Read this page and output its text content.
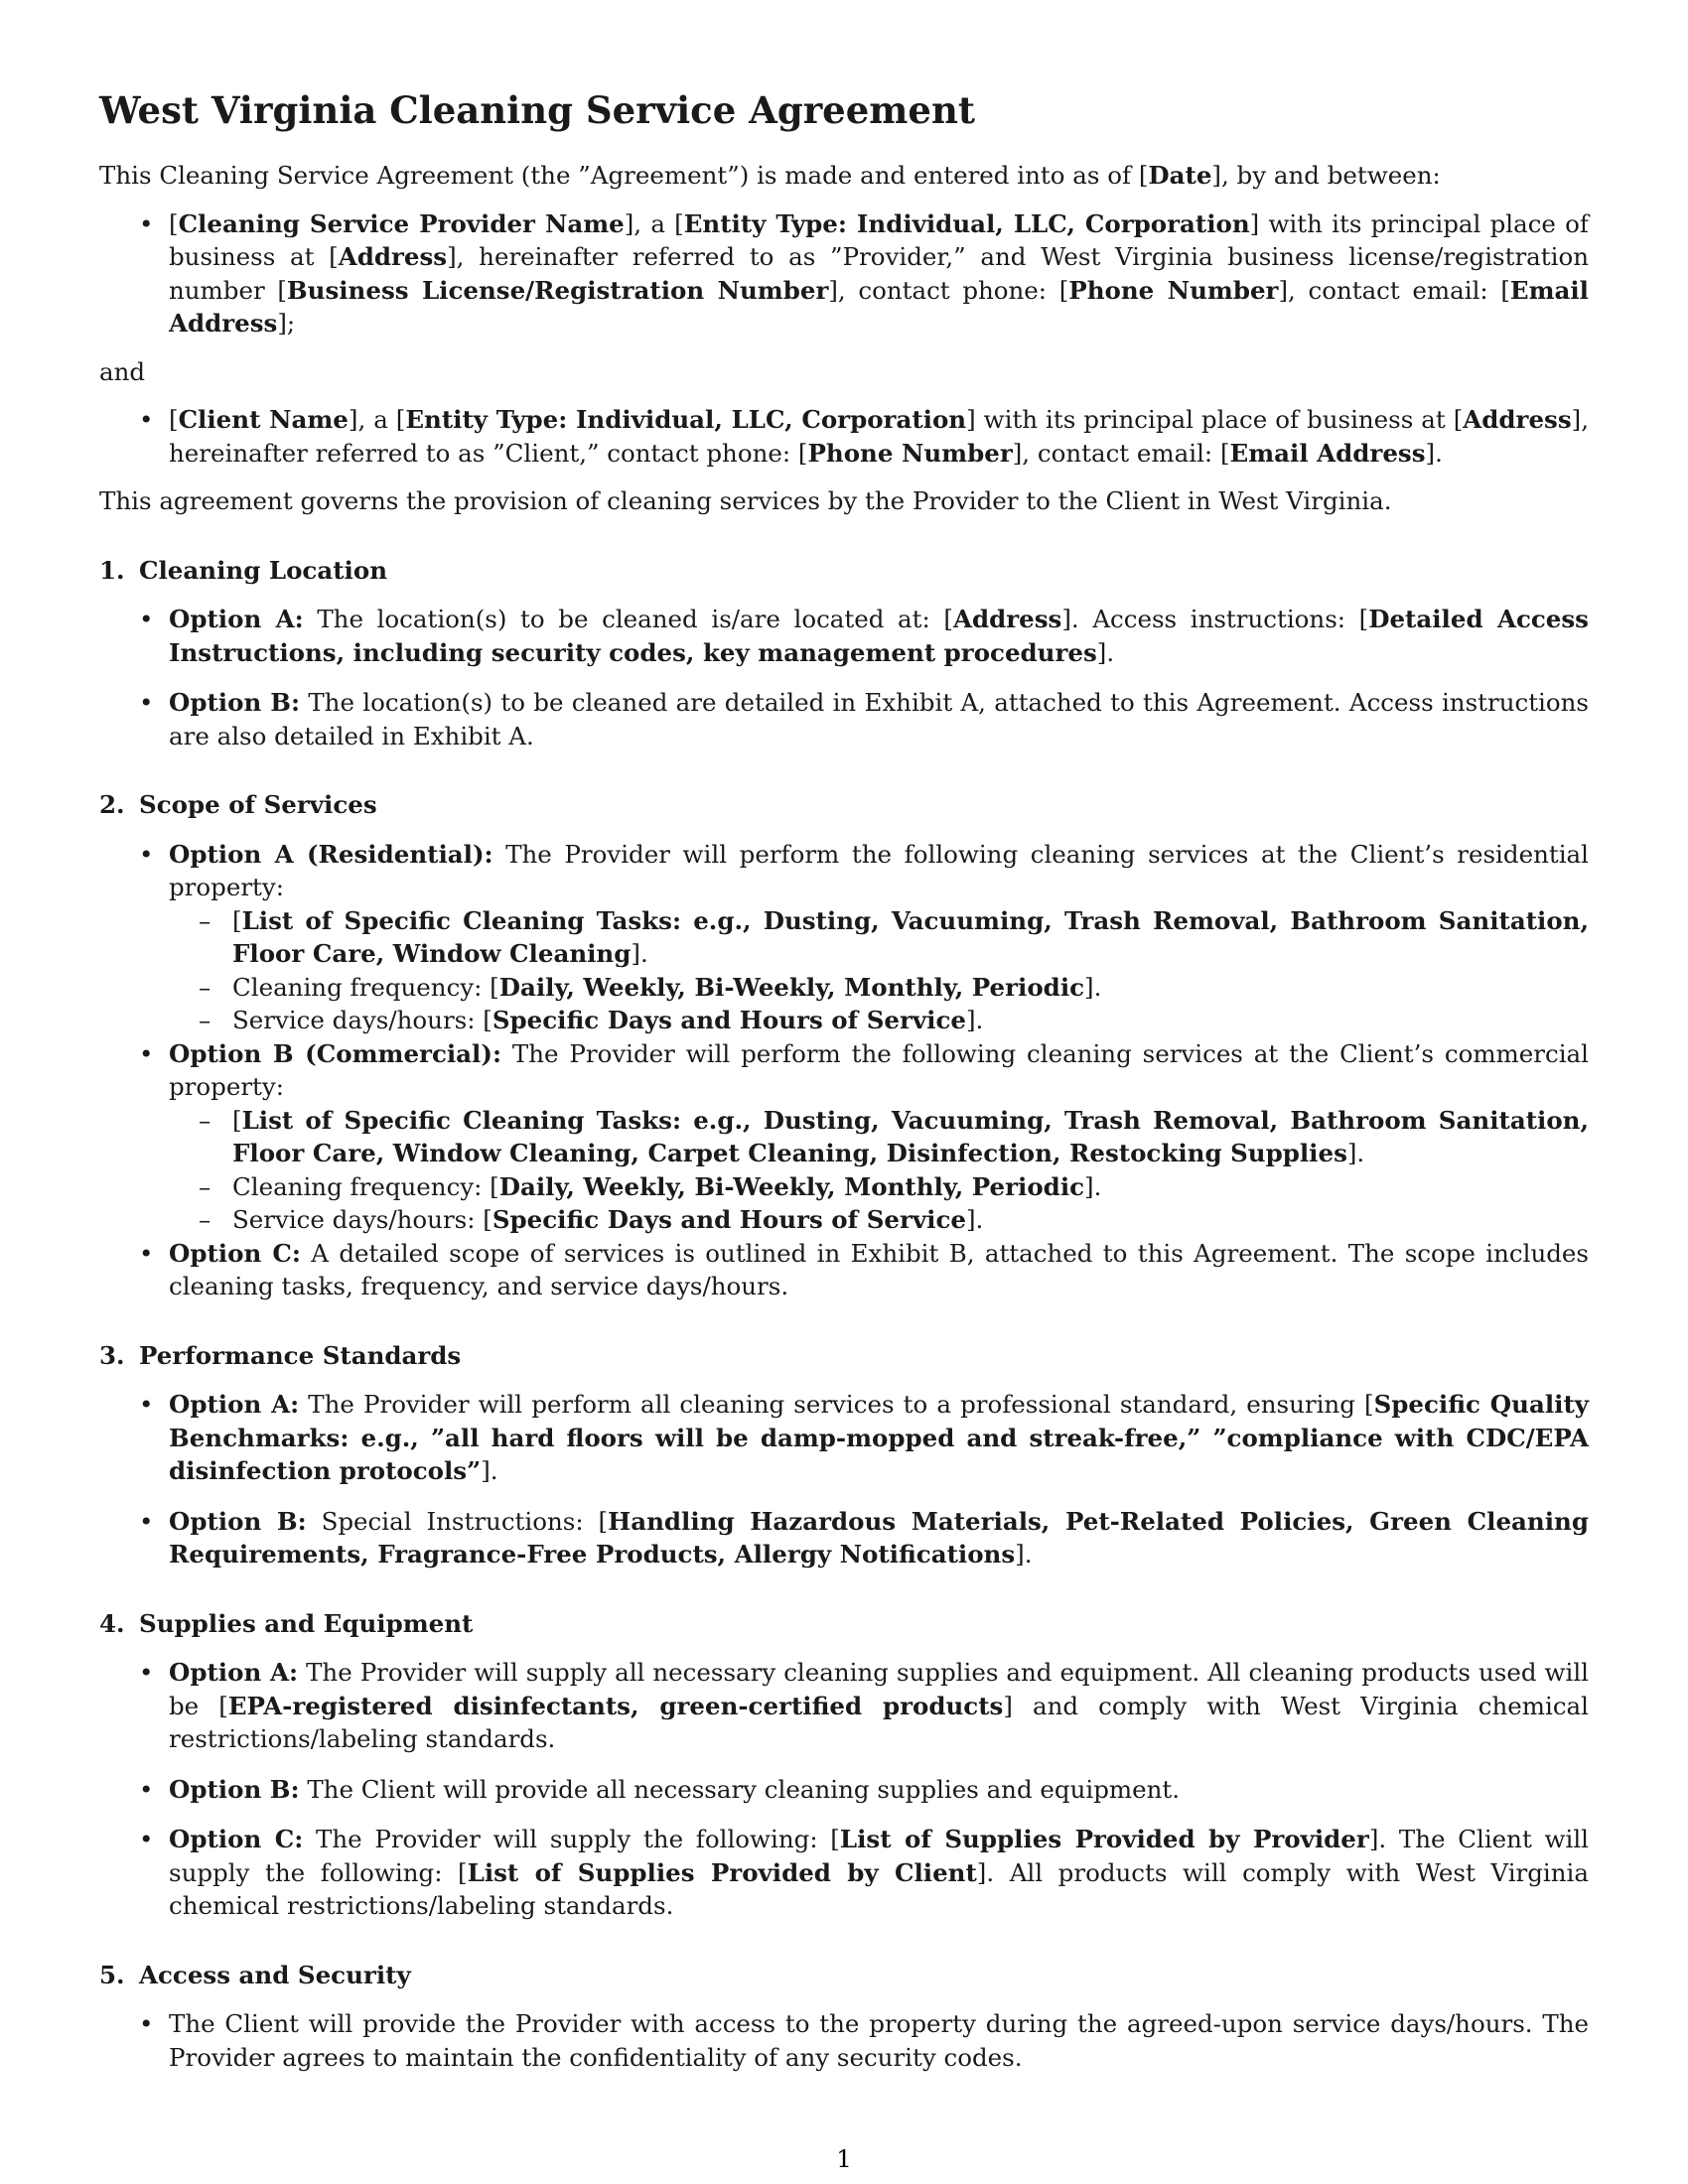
West Virginia Cleaning Service Agreement

This Cleaning Service Agreement (the ”Agreement”) is made and entered into as of [Date], by and between:

• [Cleaning Service Provider Name], a [Entity Type: Individual, LLC, Corporation] with its principal place of business at [Address], hereinafter referred to as ”Provider,” and West Virginia business license/registration number [Business License/Registration Number], contact phone: [Phone Number], contact email: [Email Address];

and

• [Client Name], a [Entity Type: Individual, LLC, Corporation] with its principal place of business at [Address], hereinafter referred to as ”Client,” contact phone: [Phone Number], contact email: [Email Address].

This agreement governs the provision of cleaning services by the Provider to the Client in West Virginia.

1. Cleaning Location
• Option A: The location(s) to be cleaned is/are located at: [Address]. Access instructions: [Detailed Access Instructions, including security codes, key management procedures].
• Option B: The location(s) to be cleaned are detailed in Exhibit A, attached to this Agreement. Access instructions are also detailed in Exhibit A.
2. Scope of Services
• Option A (Residential): The Provider will perform the following cleaning services at the Client’s residential property:
– [List of Specific Cleaning Tasks: e.g., Dusting, Vacuuming, Trash Removal, Bathroom Sanitation, Floor Care, Window Cleaning].
– Cleaning frequency: [Daily, Weekly, Bi-Weekly, Monthly, Periodic].
– Service days/hours: [Specific Days and Hours of Service].
• Option B (Commercial): The Provider will perform the following cleaning services at the Client’s commercial property:
– [List of Specific Cleaning Tasks: e.g., Dusting, Vacuuming, Trash Removal, Bathroom Sanitation, Floor Care, Window Cleaning, Carpet Cleaning, Disinfection, Restocking Supplies].
– Cleaning frequency: [Daily, Weekly, Bi-Weekly, Monthly, Periodic].
– Service days/hours: [Specific Days and Hours of Service].
• Option C: A detailed scope of services is outlined in Exhibit B, attached to this Agreement. The scope includes cleaning tasks, frequency, and service days/hours.
3. Performance Standards
• Option A: The Provider will perform all cleaning services to a professional standard, ensuring [Specific Quality Benchmarks: e.g., ”all hard floors will be damp-mopped and streak-free,” ”compliance with CDC/EPA disinfection protocols”].
• Option B: Special Instructions: [Handling Hazardous Materials, Pet-Related Policies, Green Cleaning Requirements, Fragrance-Free Products, Allergy Notifications].
4. Supplies and Equipment
• Option A: The Provider will supply all necessary cleaning supplies and equipment. All cleaning products used will be [EPA-registered disinfectants, green-certified products] and comply with West Virginia chemical restrictions/labeling standards.
• Option B: The Client will provide all necessary cleaning supplies and equipment.
• Option C: The Provider will supply the following: [List of Supplies Provided by Provider]. The Client will supply the following: [List of Supplies Provided by Client]. All products will comply with West Virginia chemical restrictions/labeling standards.
5. Access and Security
• The Client will provide the Provider with access to the property during the agreed-upon service days/hours. The Provider agrees to maintain the confidentiality of any security codes.
1
